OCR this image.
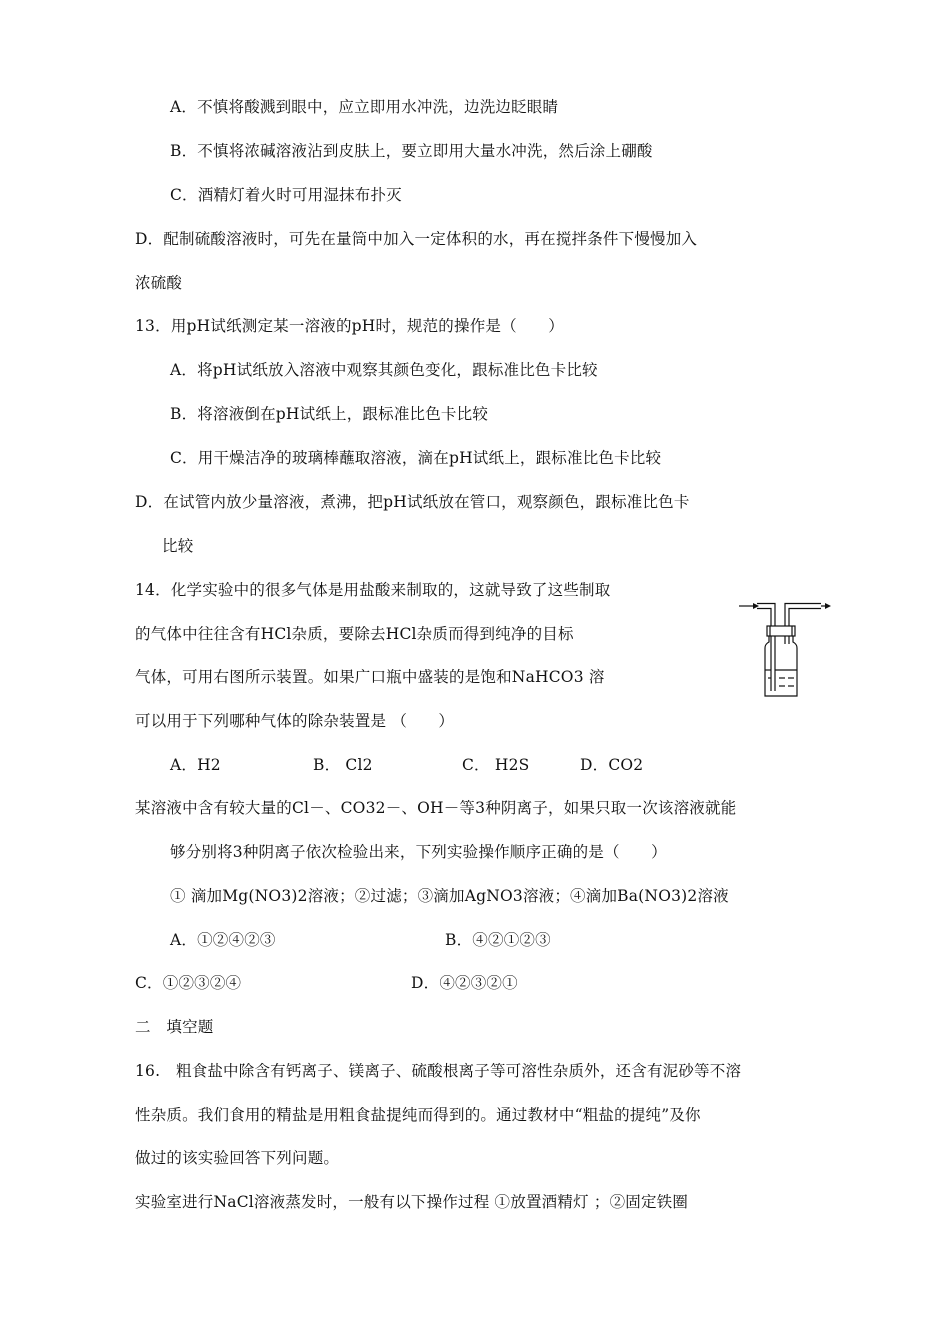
A．不慎将酸溅到眼中，应立即用水冲洗，边洗边眨眼睛
B．不慎将浓碱溶液沾到皮肤上，要立即用大量水冲洗，然后涂上硼酸
C．酒精灯着火时可用湿抹布扑灭
D．配制硫酸溶液时，可先在量筒中加入一定体积的水，再在搅拌条件下慢慢加入
浓硫酸
13．用pH试纸测定某一溶液的pH时，规范的操作是（　　）
A．将pH试纸放入溶液中观察其颜色变化，跟标准比色卡比较
B．将溶液倒在pH试纸上，跟标准比色卡比较
C．用干燥洁净的玻璃棒蘸取溶液，滴在pH试纸上，跟标准比色卡比较
D．在试管内放少量溶液，煮沸，把pH试纸放在管口，观察颜色，跟标准比色卡
比较
14．化学实验中的很多气体是用盐酸来制取的，这就导致了这些制取
的气体中往往含有HCl杂质，要除去HCl杂质而得到纯净的目标
气体，可用右图所示装置。如果广口瓶中盛装的是饱和NaHCO3 溶
可以用于下列哪种气体的除杂装置是 （　　）
A．H2	B． Cl2	C． H2S	D．CO2
某溶液中含有较大量的Cl－、CO32－、OH－等3种阴离子，如果只取一次该溶液就能
够分别将3种阴离子依次检验出来，下列实验操作顺序正确的是（　　）
① 滴加Mg(NO3)2溶液；②过滤；③滴加AgNO3溶液；④滴加Ba(NO3)2溶液
A．①②④②③	B．④②①②③
C．①②③②④	D．④②③②①
二　填空题
16.　粗食盐中除含有钙离子、镁离子、硫酸根离子等可溶性杂质外，还含有泥砂等不溶
性杂质。我们食用的精盐是用粗食盐提纯而得到的。通过教材中“粗盐的提纯”及你
做过的该实验回答下列问题。
实验室进行NaCl溶液蒸发时，一般有以下操作过程 ①放置酒精灯 ；②固定铁圈
